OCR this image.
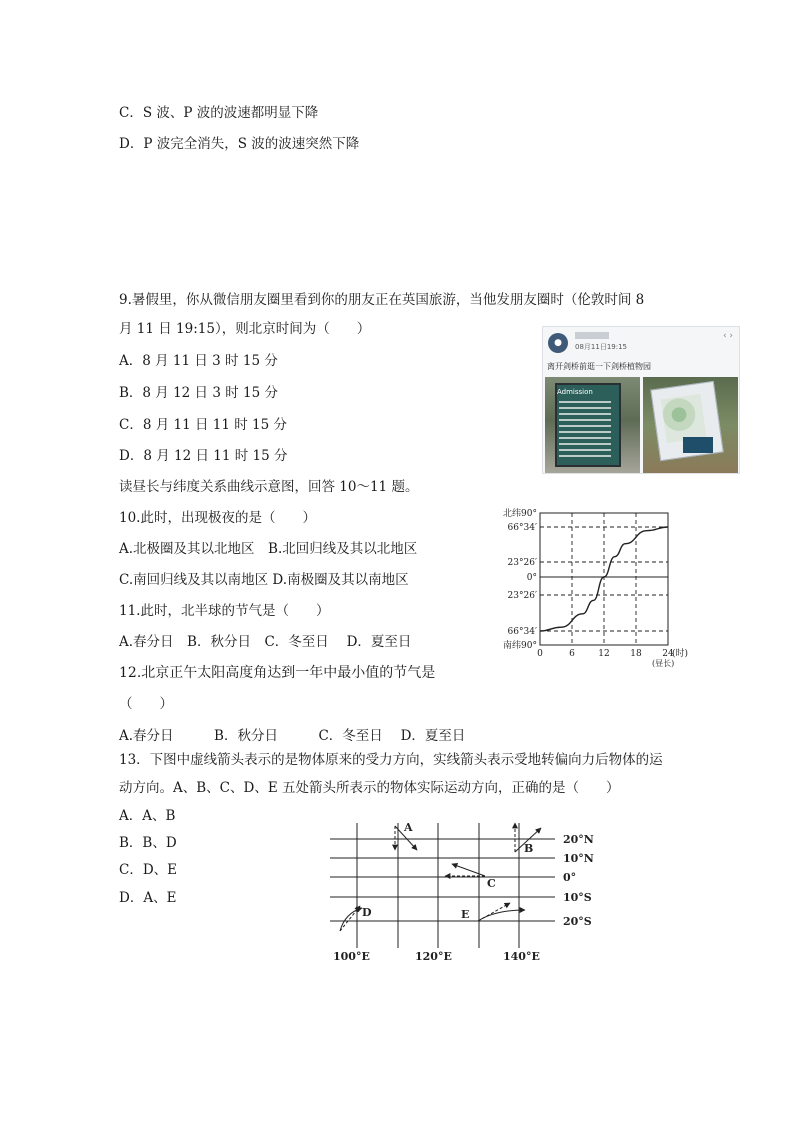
C．S 波、P 波的波速都明显下降
D．P 波完全消失，S 波的波速突然下降
9.暑假里，你从微信朋友圈里看到你的朋友正在英国旅游，当他发朋友圈时（伦敦时间 8
月 11 日 19:15），则北京时间为（　　）
A．8 月 11 日 3 时 15 分
B．8 月 12 日 3 时 15 分
C．8 月 11 日 11 时 15 分
D．8 月 12 日 11 时 15 分
●	08月11日19:15
‹ ›
离开剑桥前逛一下剑桥植物园
Admission
读昼长与纬度关系曲线示意图，回答 10～11 题。
10.此时，出现极夜的是（　　）
A.北极圈及其以北地区　B.北回归线及其以北地区
C.南回归线及其以南地区 D.南极圈及其以南地区
11.此时，北半球的节气是（　　）
A.春分日　B．秋分日　C．冬至日　 D．夏至日
12.北京正午太阳高度角达到一年中最小值的节气是
（　　）
A.春分日　　　B．秋分日　　　C．冬至日　 D．夏至日
北纬90°
66°34′
23°26′
0°
23°26′
66°34′
南纬90°
0	6	12 18 24
(时)
(昼长)
13．下图中虚线箭头表示的是物体原来的受力方向，实线箭头表示受地转偏向力后物体的运
动方向。A、B、C、D、E 五处箭头所表示的物体实际运动方向，正确的是（　　）
A．A、B
B．B、D
C．D、E
D．A、E
20°N
10°N
0°
10°S
20°S
100°E	120°E	140°E
A
B
C
D	E
